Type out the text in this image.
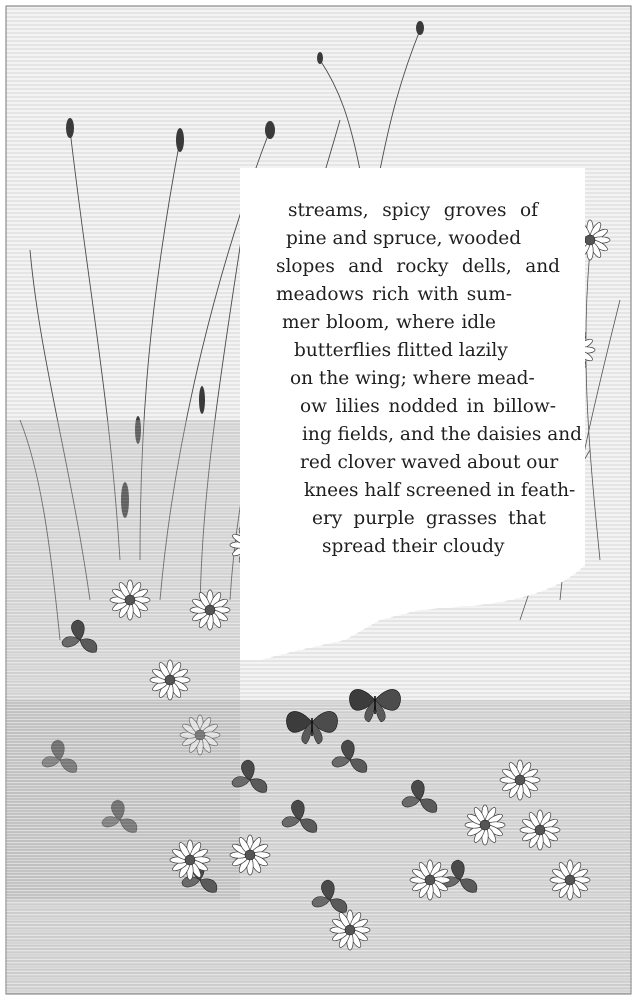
streams, spicy groves of
pine and spruce, wooded
slopes and rocky dells, and
meadows rich with sum-
mer bloom, where idle
butterflies flitted lazily
on the wing; where mead-
ow lilies nodded in billow-
ing fields, and the daisies and
red clover waved about our
knees half screened in feath-
ery purple grasses that
spread their cloudy
